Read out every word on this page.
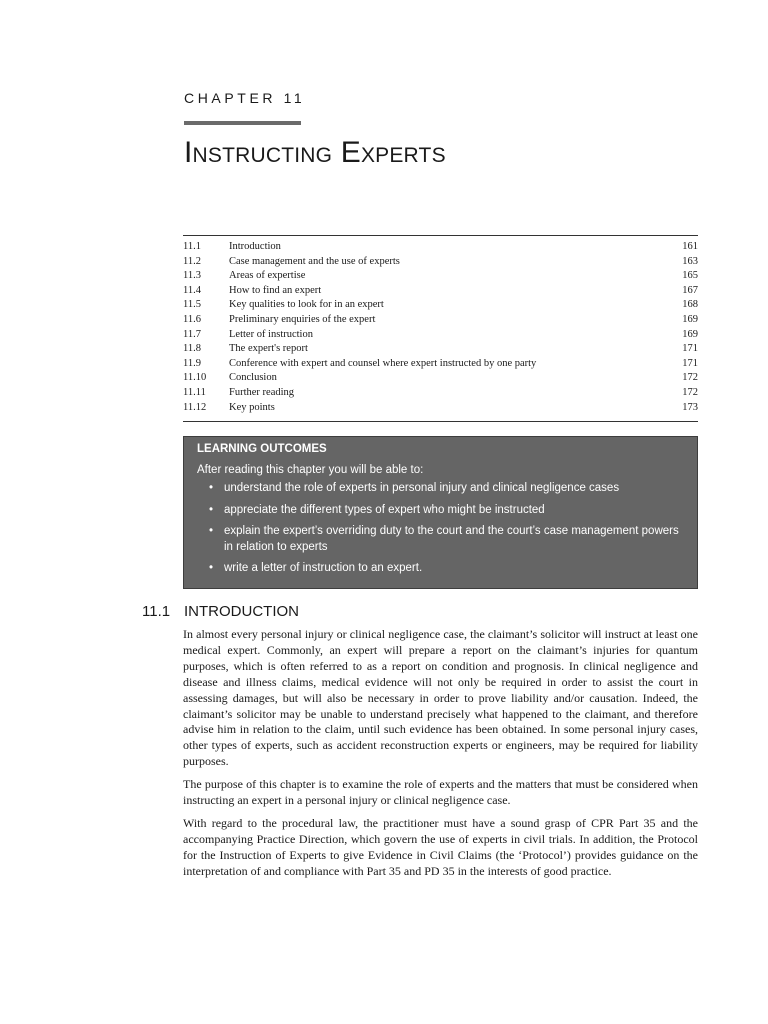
CHAPTER 11
Instructing Experts
11.1	Introduction	161
11.2	Case management and the use of experts	163
11.3	Areas of expertise	165
11.4	How to find an expert	167
11.5	Key qualities to look for in an expert	168
11.6	Preliminary enquiries of the expert	169
11.7	Letter of instruction	169
11.8	The expert's report	171
11.9	Conference with expert and counsel where expert instructed by one party	171
11.10	Conclusion	172
11.11	Further reading	172
11.12	Key points	173
LEARNING OUTCOMES
After reading this chapter you will be able to:
• understand the role of experts in personal injury and clinical negligence cases
• appreciate the different types of expert who might be instructed
• explain the expert’s overriding duty to the court and the court’s case management powers in relation to experts
• write a letter of instruction to an expert.
11.1 INTRODUCTION

In almost every personal injury or clinical negligence case, the claimant’s solicitor will instruct at least one medical expert. Commonly, an expert will prepare a report on the claimant’s injuries for quantum purposes, which is often referred to as a report on condition and prognosis. In clinical negligence and disease and illness claims, medical evidence will not only be required in order to assist the court in assessing damages, but will also be necessary in order to prove liability and/or causation. Indeed, the claimant’s solicitor may be unable to understand precisely what happened to the claimant, and therefore advise him in relation to the claim, until such evidence has been obtained. In some personal injury cases, other types of experts, such as accident reconstruction experts or engineers, may be required for liability purposes.

The purpose of this chapter is to examine the role of experts and the matters that must be considered when instructing an expert in a personal injury or clinical negligence case.

With regard to the procedural law, the practitioner must have a sound grasp of CPR Part 35 and the accompanying Practice Direction, which govern the use of experts in civil trials. In addition, the Protocol for the Instruction of Experts to give Evidence in Civil Claims (the ‘Protocol’) provides guidance on the interpretation of and compliance with Part 35 and PD 35 in the interests of good practice.
